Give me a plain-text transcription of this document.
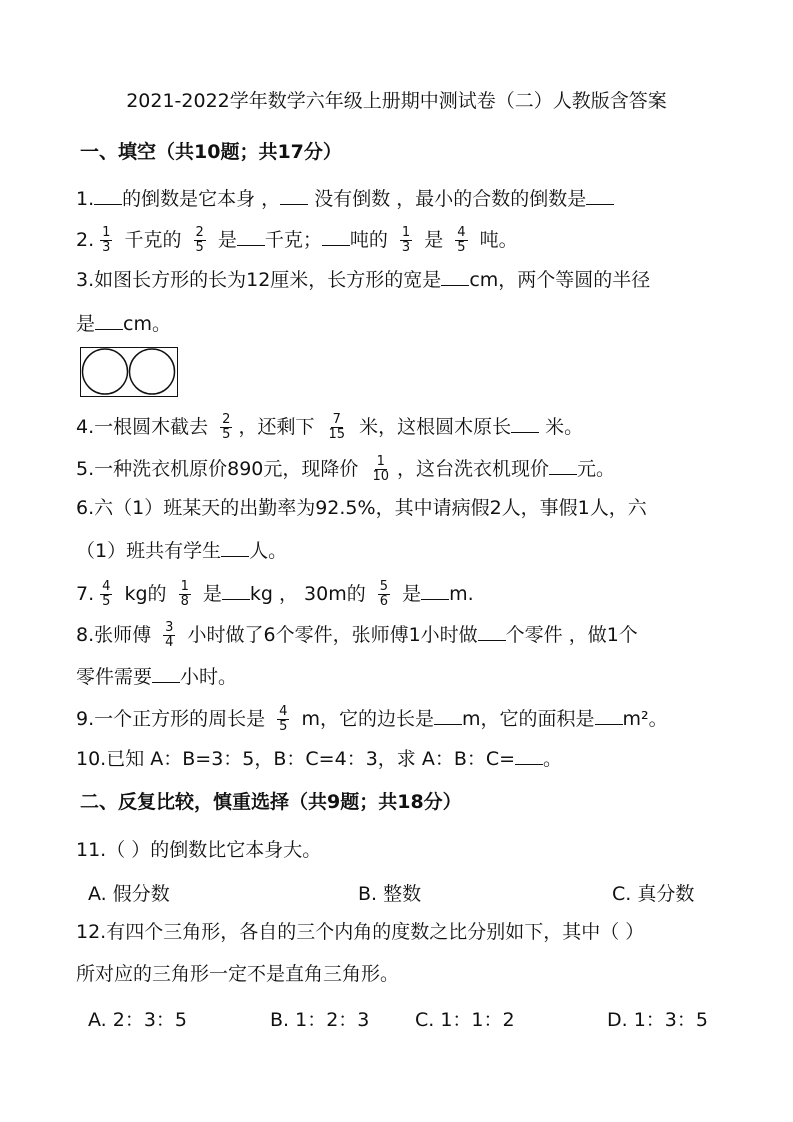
2021-2022学年数学六年级上册期中测试卷（二）人教版含答案
一、填空（共10题；共17分）
1. 的倒数是它本身 ， 没有倒数 ，最小的合数的倒数是
2. $\frac{1}{3}$ 千克的 $\frac{2}{5}$ 是 千克； 吨的 $\frac{1}{3}$ 是 $\frac{4}{5}$ 吨。
3.如图长方形的长为12厘米，长方形的宽是 cm，两个等圆的半径
是 cm。
4.一根圆木截去 $\frac{2}{5}$ ，还剩下 $\frac{7}{15}$ 米，这根圆木原长 米。
5.一种洗衣机原价890元，现降价 $\frac{1}{10}$ ，这台洗衣机现价 元。
6.六（1）班某天的出勤率为92.5%，其中请病假2人，事假1人，六
（1）班共有学生 人。
7. $\frac{4}{5}$ kg的 $\frac{1}{8}$ 是 kg ， 30m的 $\frac{5}{6}$ 是 m.
8.张师傅 $\frac{3}{4}$ 小时做了6个零件，张师傅1小时做 个零件 ，做1个
零件需要 小时。
9.一个正方形的周长是 $\frac{4}{5}$ m，它的边长是 m，它的面积是 m²。
10.已知 A：B=3：5，B：C=4：3，求 A：B：C= 。
二、反复比较，慎重选择（共9题；共18分）
11.（ ）的倒数比它本身大。
A. 假分数	B. 整数	C. 真分数
12.有四个三角形，各自的三个内角的度数之比分别如下，其中（ ）
所对应的三角形一定不是直角三角形。
A. 2：3：5	B. 1：2：3 C. 1：1：2	D. 1：3：5
